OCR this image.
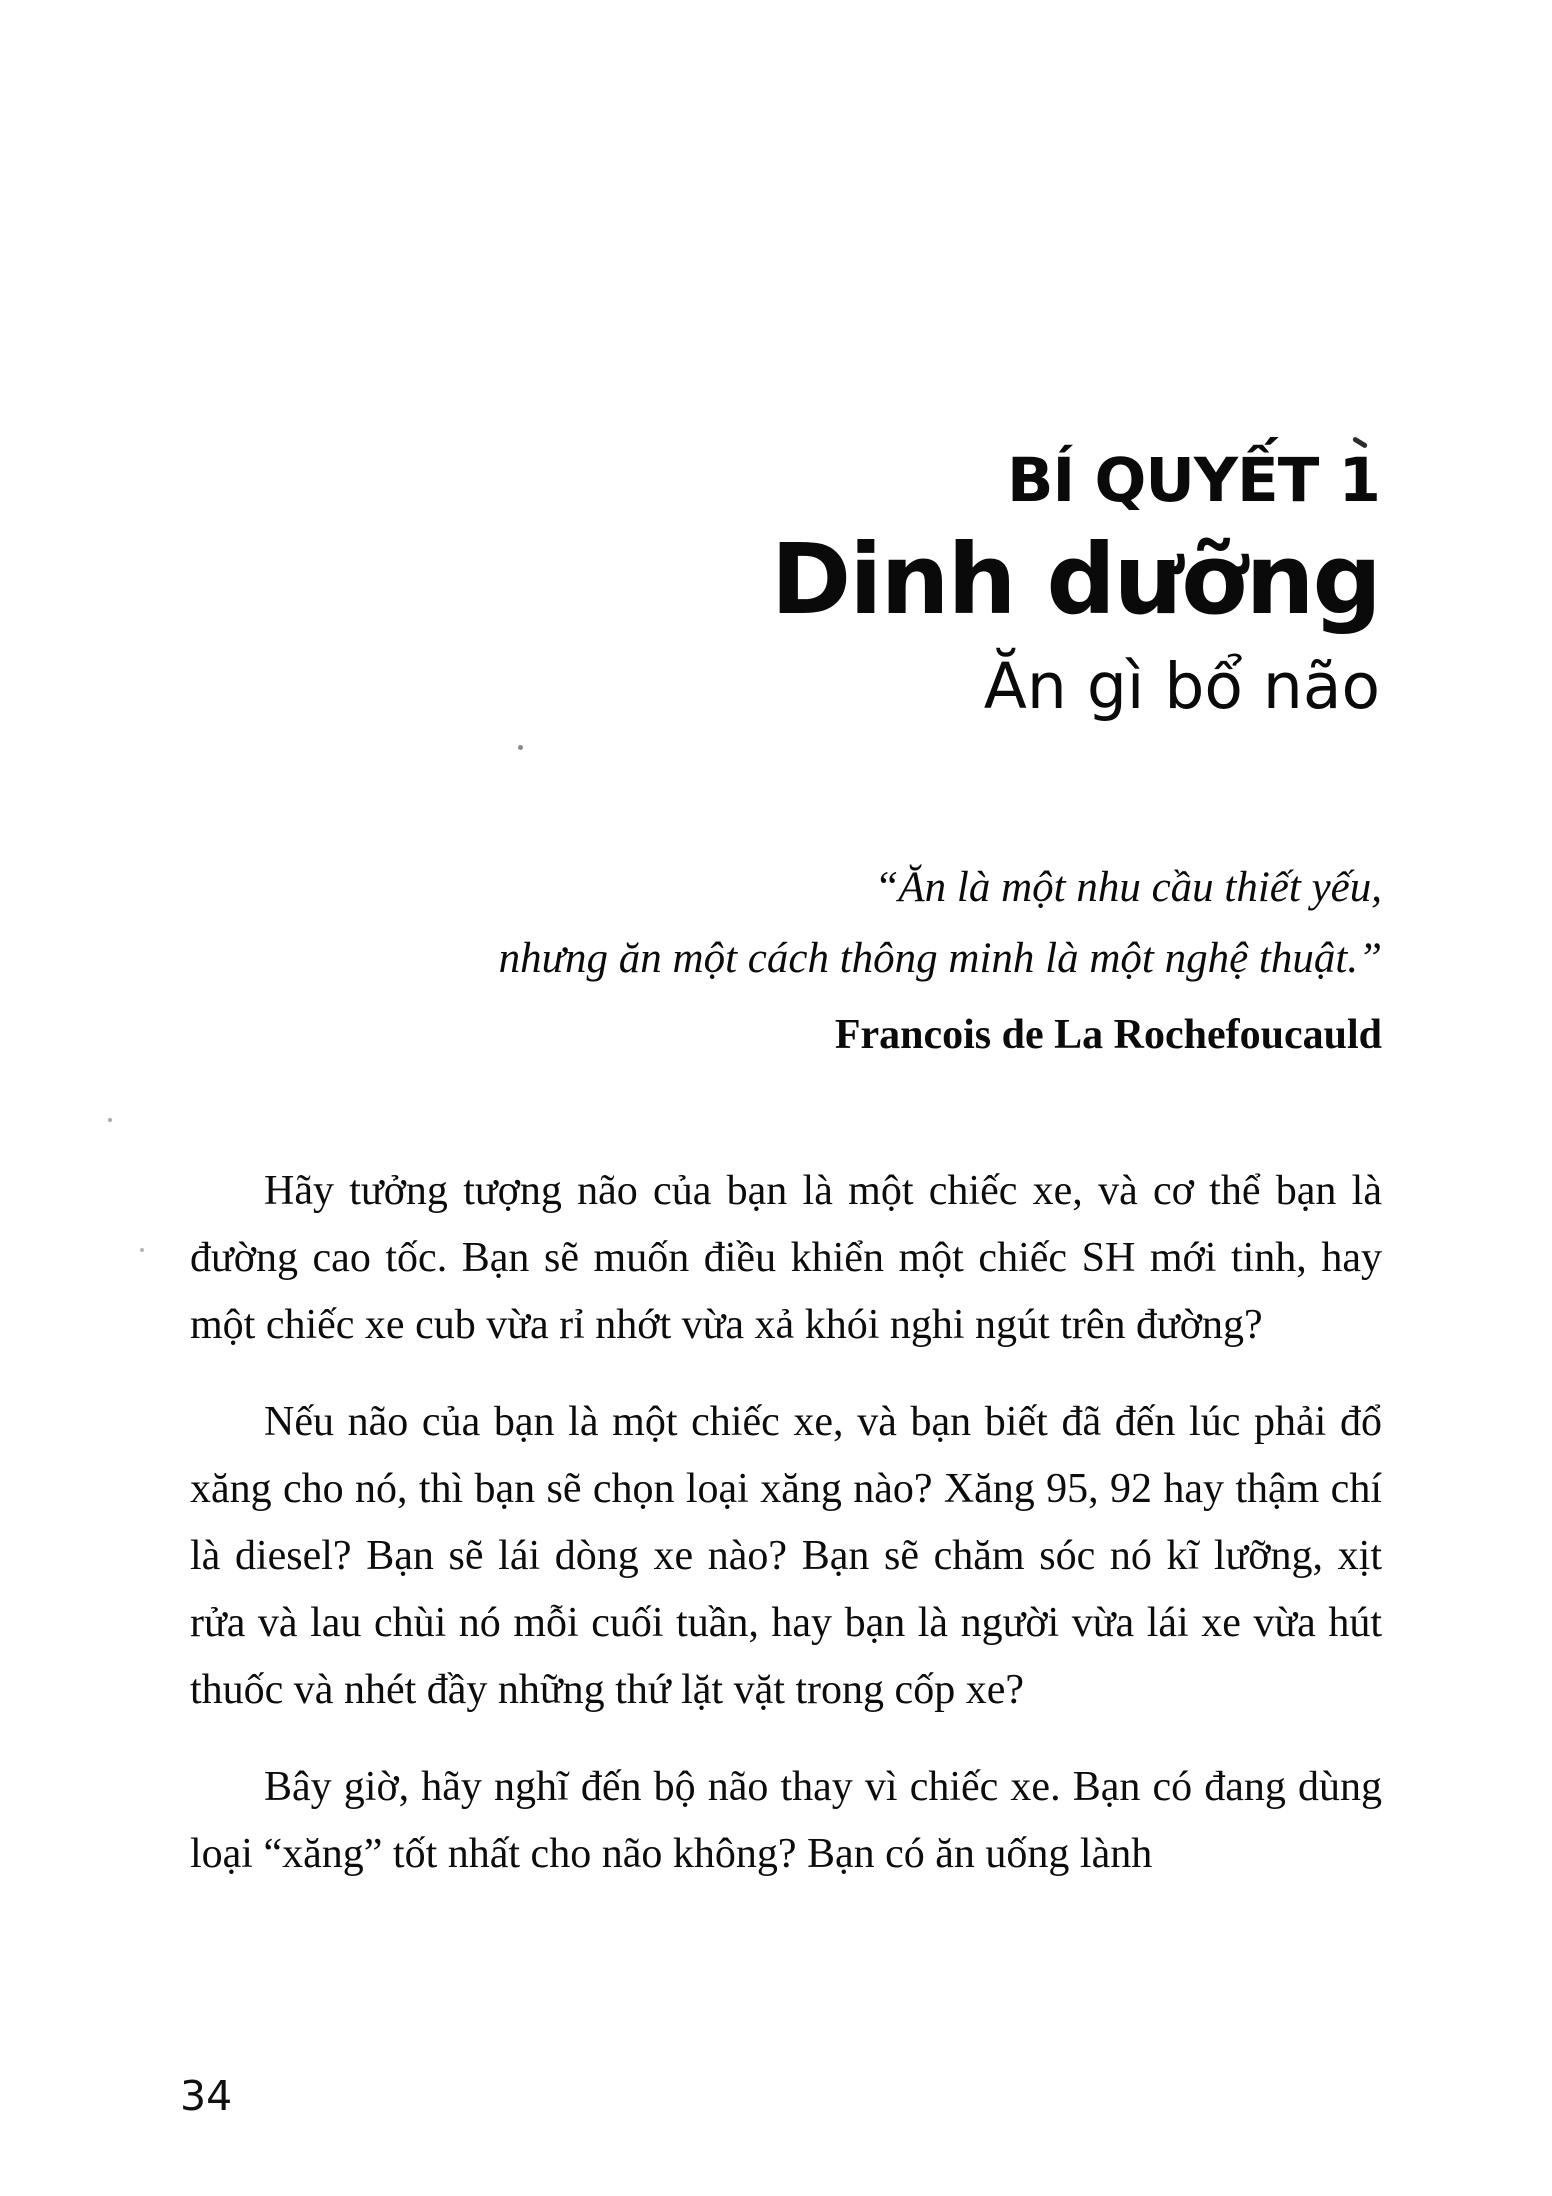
BÍ QUYẾT 1
Dinh dưỡng
Ăn gì bổ não
“Ăn là một nhu cầu thiết yếu,
nhưng ăn một cách thông minh là một nghệ thuật.”
Francois de La Rochefoucauld

Hãy tưởng tượng não của bạn là một chiếc xe, và cơ thể bạn là đường cao tốc. Bạn sẽ muốn điều khiển một chiếc SH mới tinh, hay một chiếc xe cub vừa rỉ nhớt vừa xả khói nghi ngút trên đường?

Nếu não của bạn là một chiếc xe, và bạn biết đã đến lúc phải đổ xăng cho nó, thì bạn sẽ chọn loại xăng nào? Xăng 95, 92 hay thậm chí là diesel? Bạn sẽ lái dòng xe nào? Bạn sẽ chăm sóc nó kĩ lưỡng, xịt rửa và lau chùi nó mỗi cuối tuần, hay bạn là người vừa lái xe vừa hút thuốc và nhét đầy những thứ lặt vặt trong cốp xe?

Bây giờ, hãy nghĩ đến bộ não thay vì chiếc xe. Bạn có đang dùng loại “xăng” tốt nhất cho não không? Bạn có ăn uống lành

34
